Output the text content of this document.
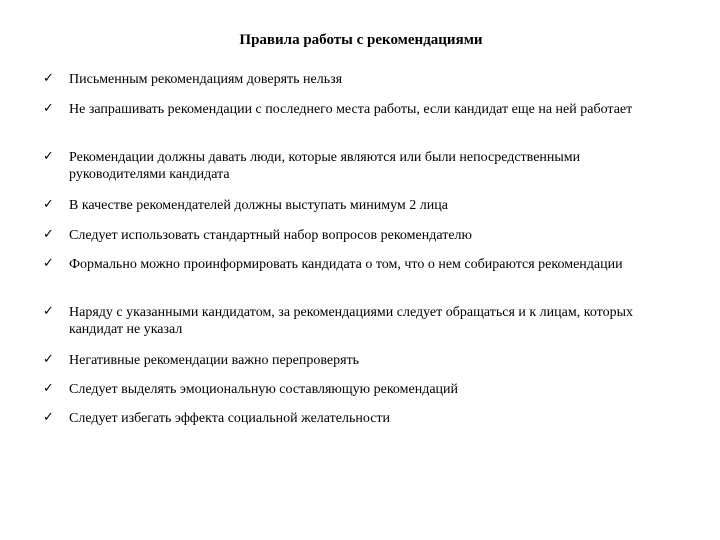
Правила работы с рекомендациями
✓ Письменным рекомендациям доверять нельзя
✓ Не запрашивать рекомендации с последнего места работы, если кандидат еще на ней работает
✓ Рекомендации должны давать люди, которые являются или были непосредственными руководителями кандидата
✓ В качестве рекомендателей должны выступать минимум 2 лица
✓ Следует использовать стандартный набор вопросов рекомендателю
✓ Формально можно проинформировать кандидата о том, что о нем собираются рекомендации
✓ Наряду с указанными кандидатом, за рекомендациями следует обращаться и к лицам, которых кандидат не указал
✓ Негативные рекомендации важно перепроверять
✓ Следует выделять эмоциональную составляющую рекомендаций
✓ Следует избегать эффекта социальной желательности
